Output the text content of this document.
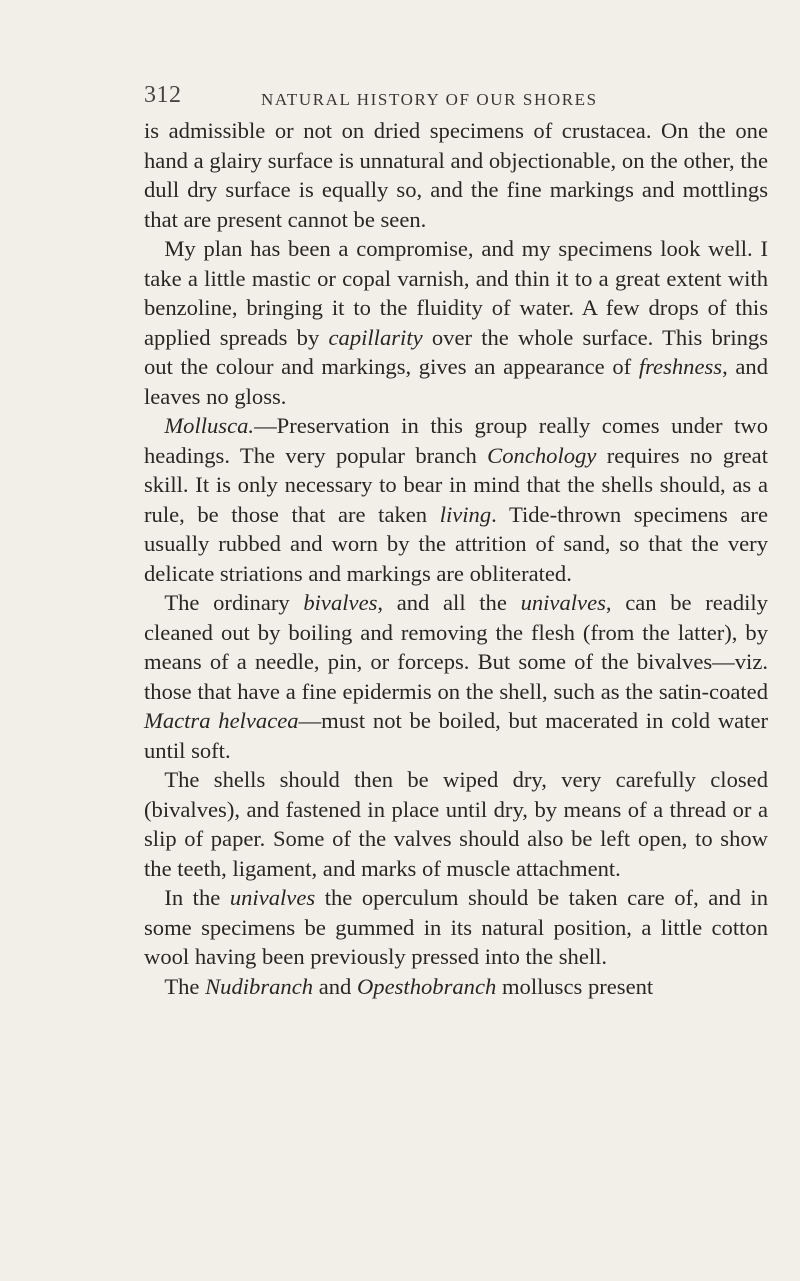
312	NATURAL HISTORY OF OUR SHORES

is admissible or not on dried specimens of crustacea. On the one hand a glairy surface is unnatural and objectionable, on the other, the dull dry surface is equally so, and the fine markings and mottlings that are present cannot be seen.

My plan has been a compromise, and my specimens look well. I take a little mastic or copal varnish, and thin it to a great extent with benzoline, bringing it to the fluidity of water. A few drops of this applied spreads by capillarity over the whole surface. This brings out the colour and markings, gives an appearance of freshness, and leaves no gloss.

Mollusca.—Preservation in this group really comes under two headings. The very popular branch Conchology requires no great skill. It is only necessary to bear in mind that the shells should, as a rule, be those that are taken living. Tide-thrown specimens are usually rubbed and worn by the attrition of sand, so that the very delicate striations and markings are obliterated.

The ordinary bivalves, and all the univalves, can be readily cleaned out by boiling and removing the flesh (from the latter), by means of a needle, pin, or forceps. But some of the bivalves—viz. those that have a fine epidermis on the shell, such as the satin-coated Mactra helvacea—must not be boiled, but macerated in cold water until soft.

The shells should then be wiped dry, very carefully closed (bivalves), and fastened in place until dry, by means of a thread or a slip of paper. Some of the valves should also be left open, to show the teeth, ligament, and marks of muscle attachment.

In the univalves the operculum should be taken care of, and in some specimens be gummed in its natural position, a little cotton wool having been previously pressed into the shell.

The Nudibranch and Opesthobranch molluscs present
